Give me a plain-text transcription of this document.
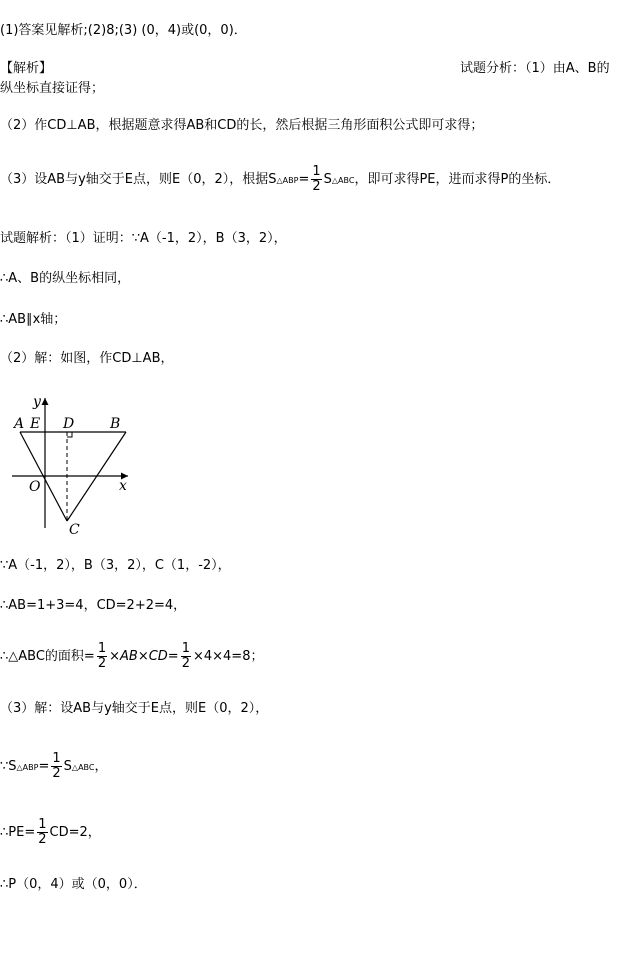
(1)答案见解析;(2)8;(3) (0，4)或(0，0)．
【解析】	试题分析：（1）由A、B的
纵坐标直接证得；
（2）作CD⊥AB，根据题意求得AB和CD的长，然后根据三角形面积公式即可求得；
（3）设AB与y轴交于E点，则E（0，2），根据S△ABP= $\frac{1}{2}$ S△ABC，即可求得PE，进而求得P的坐标．
试题解析：（1）证明：∵A（-1，2），B（3，2），
∴A、B的纵坐标相同，
∴AB∥x轴；
（2）解：如图，作CD⊥AB，
y
x
A E D	B
O
C
∵A（-1，2），B（3，2），C（1，-2），
∴AB=1+3=4，CD=2+2=4，
∴△ABC的面积= $\frac{1}{2} \times AB\times CD= \frac{1}{2} \times 4\times 4=8$；
（3）解：设AB与y轴交于E点，则E（0，2），
∵S△ABP= $\frac{1}{2}$ S△ABC，
∴PE= $\frac{1}{2} CD=2$，
∴P（0，4）或（0，0）．
